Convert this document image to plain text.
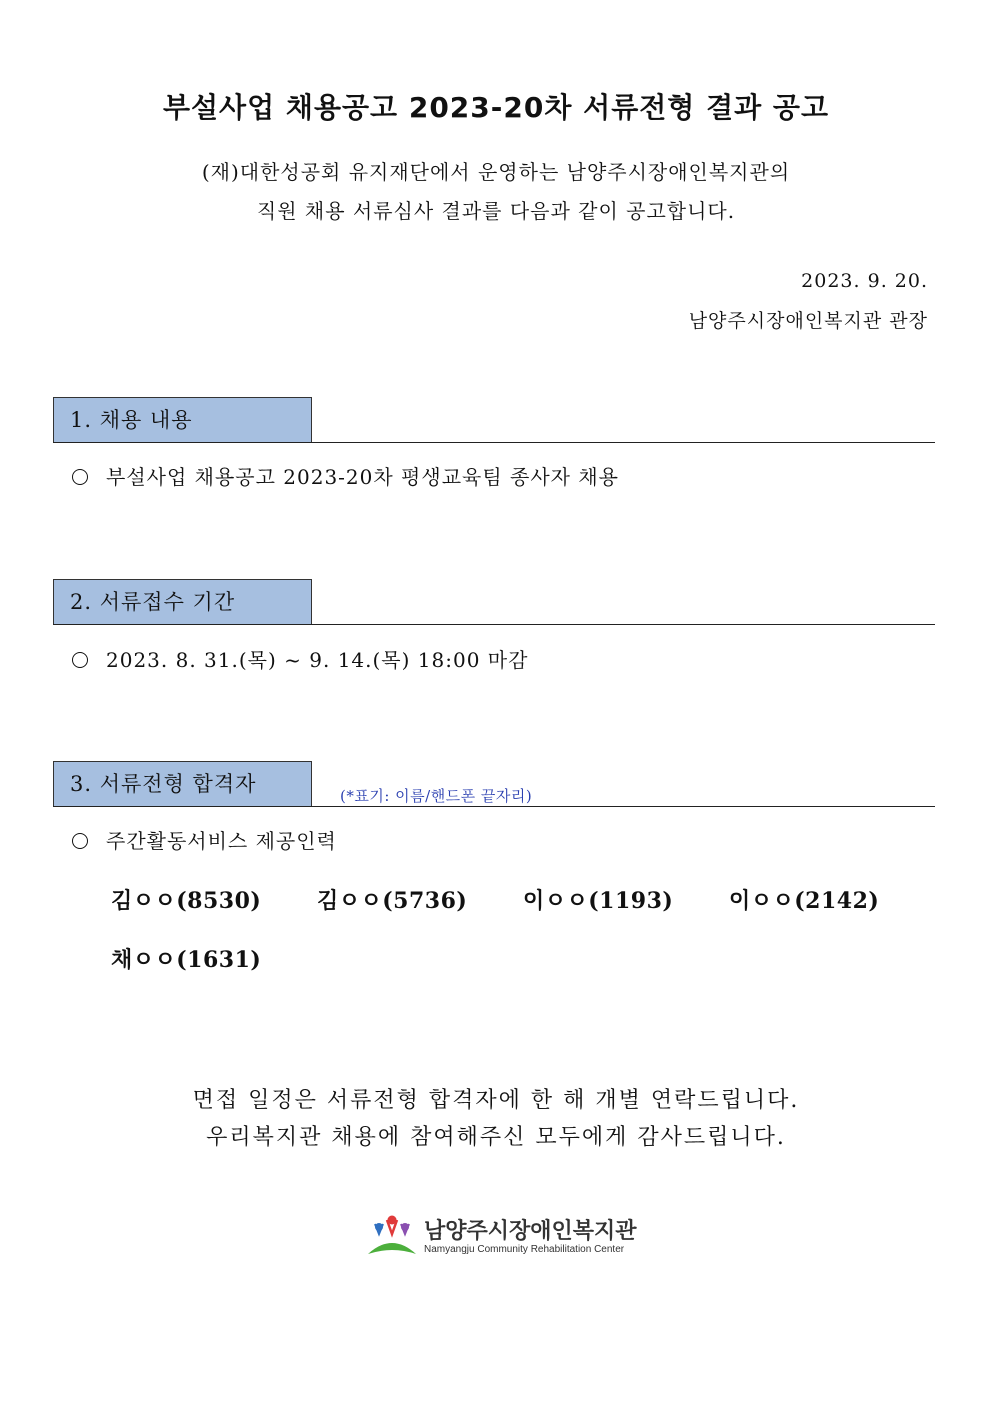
부설사업 채용공고 2023-20차 서류전형 결과 공고
(재)대한성공회 유지재단에서 운영하는 남양주시장애인복지관의
직원 채용 서류심사 결과를 다음과 같이 공고합니다.
2023. 9. 20.
남양주시장애인복지관 관장
1. 채용 내용
부설사업 채용공고 2023-20차 평생교육팀 종사자 채용
2. 서류접수 기간
2023. 8. 31.(목) ~ 9. 14.(목) 18:00 마감
3. 서류전형 합격자	(*표기: 이름/핸드폰 끝자리)
주간활동서비스 제공인력
김ㅇㅇ(8530)	김ㅇㅇ(5736)	이ㅇㅇ(1193)	이ㅇㅇ(2142)
채ㅇㅇ(1631)
면접 일정은 서류전형 합격자에 한 해 개별 연락드립니다.
우리복지관 채용에 참여해주신 모두에게 감사드립니다.
남양주시장애인복지관
Namyangju Community Rehabilitation Center
